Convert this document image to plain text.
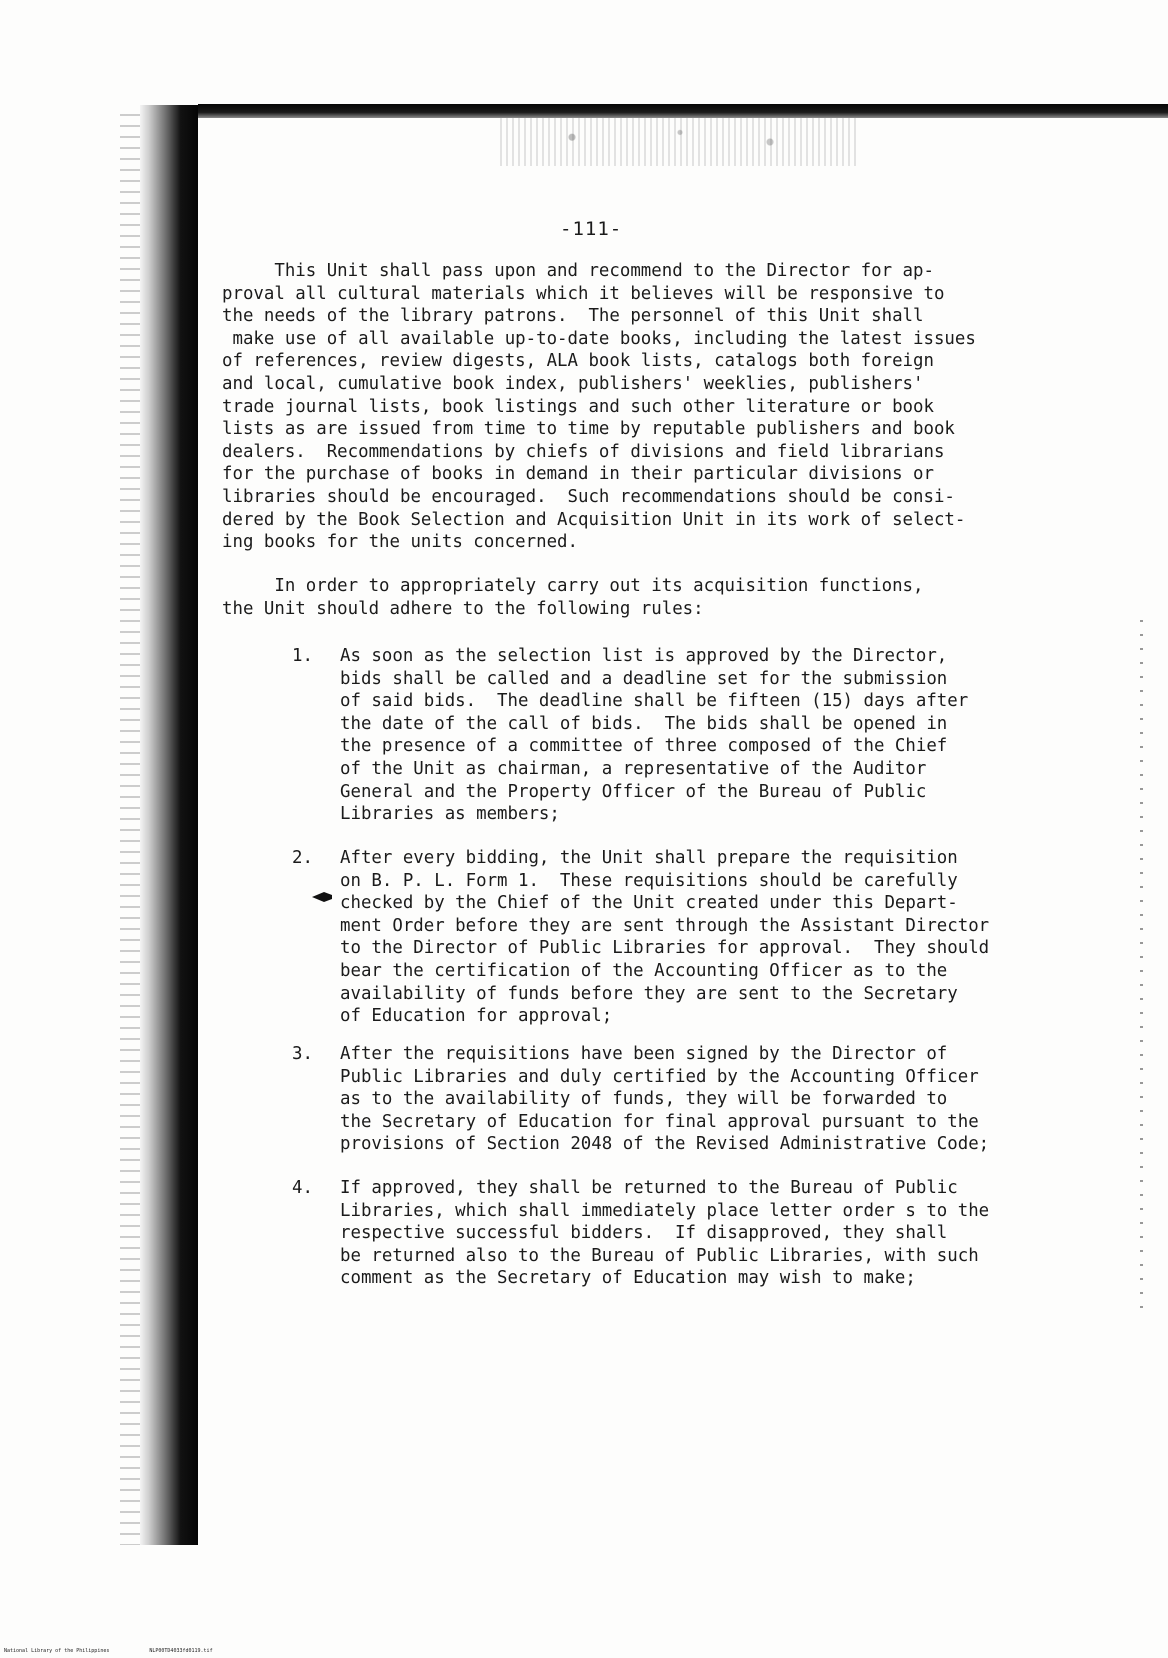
-111-

This Unit shall pass upon and recommend to the Director for ap-
proval all cultural materials which it believes will be responsive to
the needs of the library patrons.  The personnel of this Unit shall
make use of all available up-to-date books, including the latest issues
of references, review digests, ALA book lists, catalogs both foreign
and local, cumulative book index, publishers' weeklies, publishers'
trade journal lists, book listings and such other literature or book
lists as are issued from time to time by reputable publishers and book
dealers.  Recommendations by chiefs of divisions and field librarians
for the purchase of books in demand in their particular divisions or
libraries should be encouraged.  Such recommendations should be consi-
dered by the Book Selection and Acquisition Unit in its work of select-
ing books for the units concerned.

In order to appropriately carry out its acquisition functions,
the Unit should adhere to the following rules:

1. As soon as the selection list is approved by the Director,
bids shall be called and a deadline set for the submission
of said bids.  The deadline shall be fifteen (15) days after
the date of the call of bids.  The bids shall be opened in
the presence of a committee of three composed of the Chief
of the Unit as chairman, a representative of the Auditor
General and the Property Officer of the Bureau of Public
Libraries as members;

2. After every bidding, the Unit shall prepare the requisition
on B. P. L. Form 1.  These requisitions should be carefully
checked by the Chief of the Unit created under this Depart-
ment Order before they are sent through the Assistant Director
to the Director of Public Libraries for approval.  They should
bear the certification of the Accounting Officer as to the
availability of funds before they are sent to the Secretary
of Education for approval;

3. After the requisitions have been signed by the Director of
Public Libraries and duly certified by the Accounting Officer
as to the availability of funds, they will be forwarded to
the Secretary of Education for final approval pursuant to the
provisions of Section 2048 of the Revised Administrative Code;

4. If approved, they shall be returned to the Bureau of Public
Libraries, which shall immediately place letter order s to the
respective successful bidders.  If disapproved, they shall
be returned also to the Bureau of Public Libraries, with such
comment as the Secretary of Education may wish to make;

National Library of the Philippines	NLP00TD4033fd0119.tif
